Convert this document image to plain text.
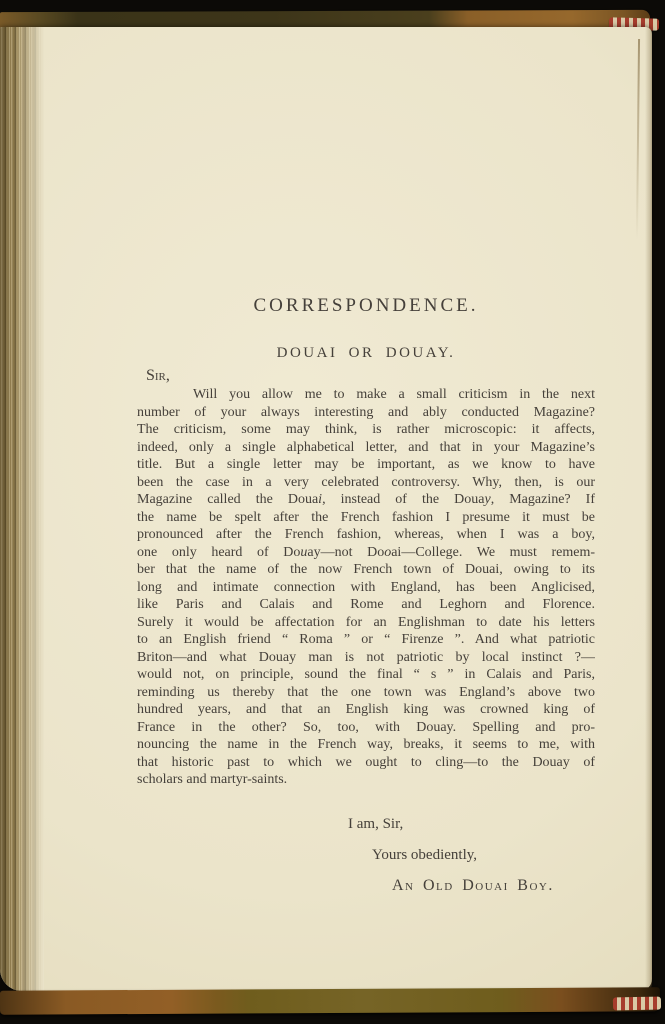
CORRESPONDENCE.
DOUAI OR DOUAY.
Sir,
Will you allow me to make a small criticism in the next
number of your always interesting and ably conducted Magazine?
The criticism, some may think, is rather microscopic: it affects,
indeed, only a single alphabetical letter, and that in your Magazine’s
title. But a single letter may be important, as we know to have
been the case in a very celebrated controversy. Why, then, is our
Magazine called the Douai, instead of the Douay, Magazine? If
the name be spelt after the French fashion I presume it must be
pronounced after the French fashion, whereas, when I was a boy,
one only heard of Douay—not Dooai—College. We must remem-
ber that the name of the now French town of Douai, owing to its
long and intimate connection with England, has been Anglicised,
like Paris and Calais and Rome and Leghorn and Florence.
Surely it would be affectation for an Englishman to date his letters
to an English friend “ Roma ” or “ Firenze ”. And what patriotic
Briton—and what Douay man is not patriotic by local instinct ?—
would not, on principle, sound the final “ s ” in Calais and Paris,
reminding us thereby that the one town was England’s above two
hundred years, and that an English king was crowned king of
France in the other? So, too, with Douay. Spelling and pro-
nouncing the name in the French way, breaks, it seems to me, with
that historic past to which we ought to cling—to the Douay of
scholars and martyr-saints.
I am, Sir,
Yours obediently,
An Old Douai Boy.
